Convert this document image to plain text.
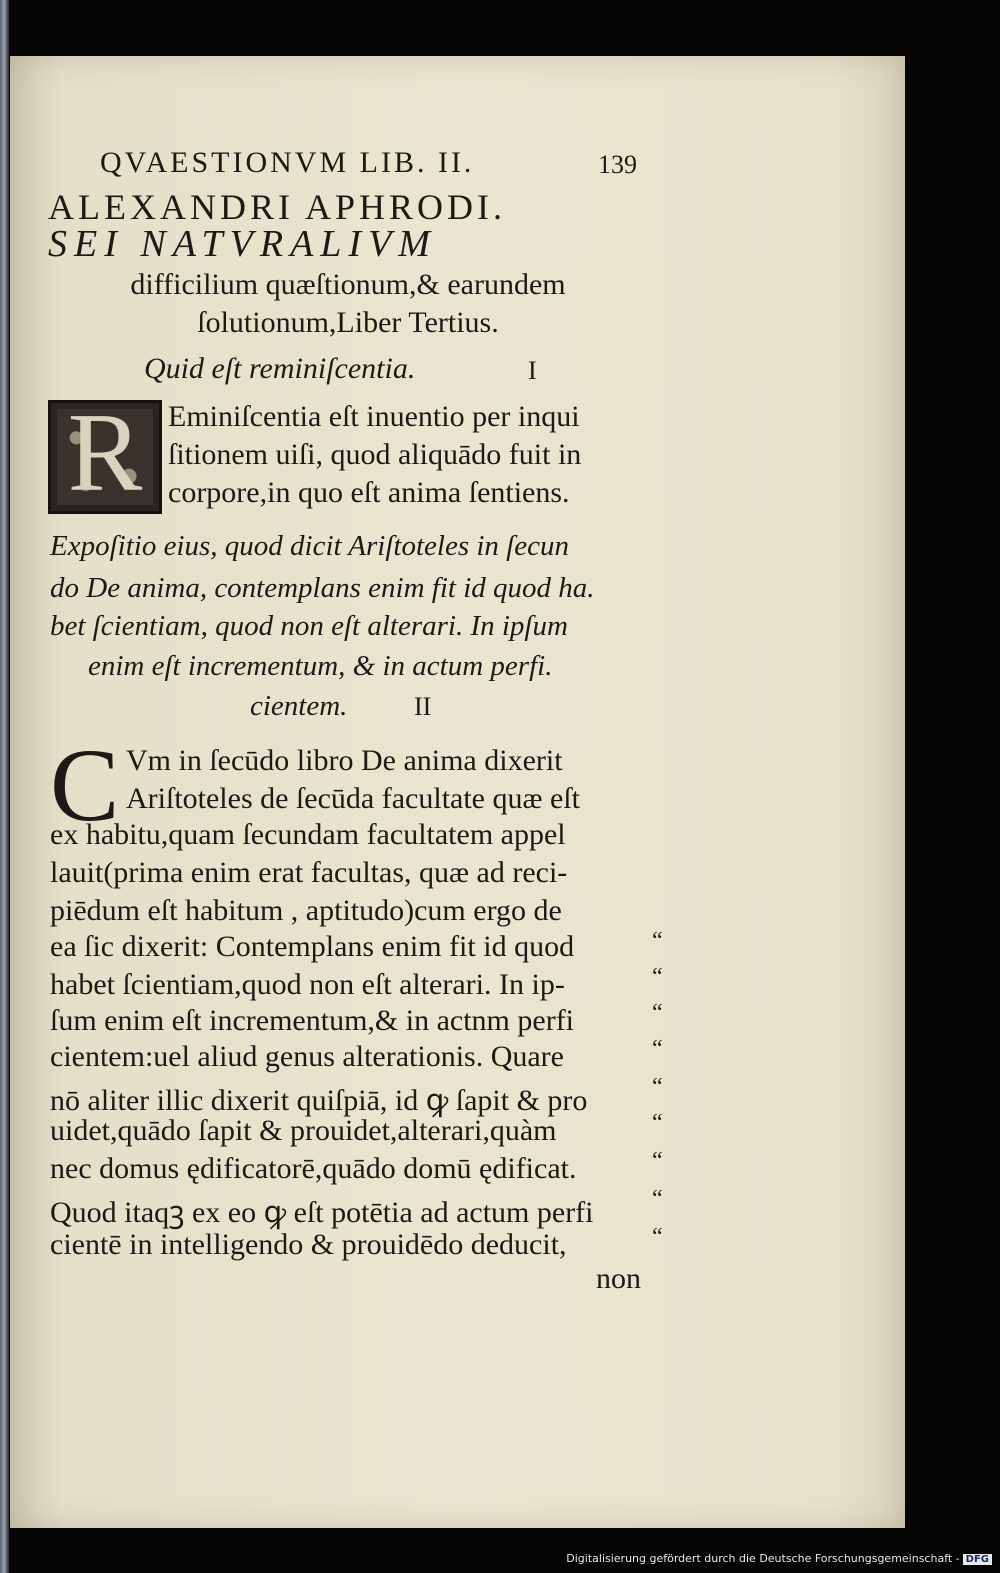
QVAESTIONVM LIB. II.	139
ALEXANDRI APHRODI.
SEI NATVRALIVM
difficilium quæſtionum,& earundem
ſolutionum,Liber Tertius.
Quid eſt reminiſcentia.	I
R Eminiſcentia eſt inuentio per inqui
ſitionem uiſi, quod aliquādo fuit in
corpore,in quo eſt anima ſentiens.
Expoſitio eius, quod dicit Ariſtoteles in ſecun
do De anima, contemplans enim fit id quod ha.
bet ſcientiam, quod non eſt alterari. In ipſum
enim eſt incrementum, & in actum perfi.
cientem.	II
C Vm in ſecūdo libro De anima dixerit
Ariſtoteles de ſecūda facultate quæ eſt
ex habitu,quam ſecundam facultatem appel
lauit(prima enim erat facultas, quæ ad reci-
piēdum eſt habitum , aptitudo)cum ergo de
ea ſic dixerit: Contemplans enim fit id quod
habet ſcientiam,quod non eſt alterari. In ip-
ſum enim eſt incrementum,& in actnm perfi
cientem:uel aliud genus alterationis. Quare
nō aliter illic dixerit quiſpiā, id ꝙ ſapit & pro
uidet,quādo ſapit & prouidet,alterari,quàm
nec domus ędificatorē,quādo domū ędificat.
Quod itaqꝫ ex eo ꝙ eſt potētia ad actum perfi
cientē in intelligendo & prouidēdo deducit,
“
“
“
“
“
“
“
“
“
non
Digitalisierung gefördert durch die Deutsche Forschungsgemeinschaft - DFG
